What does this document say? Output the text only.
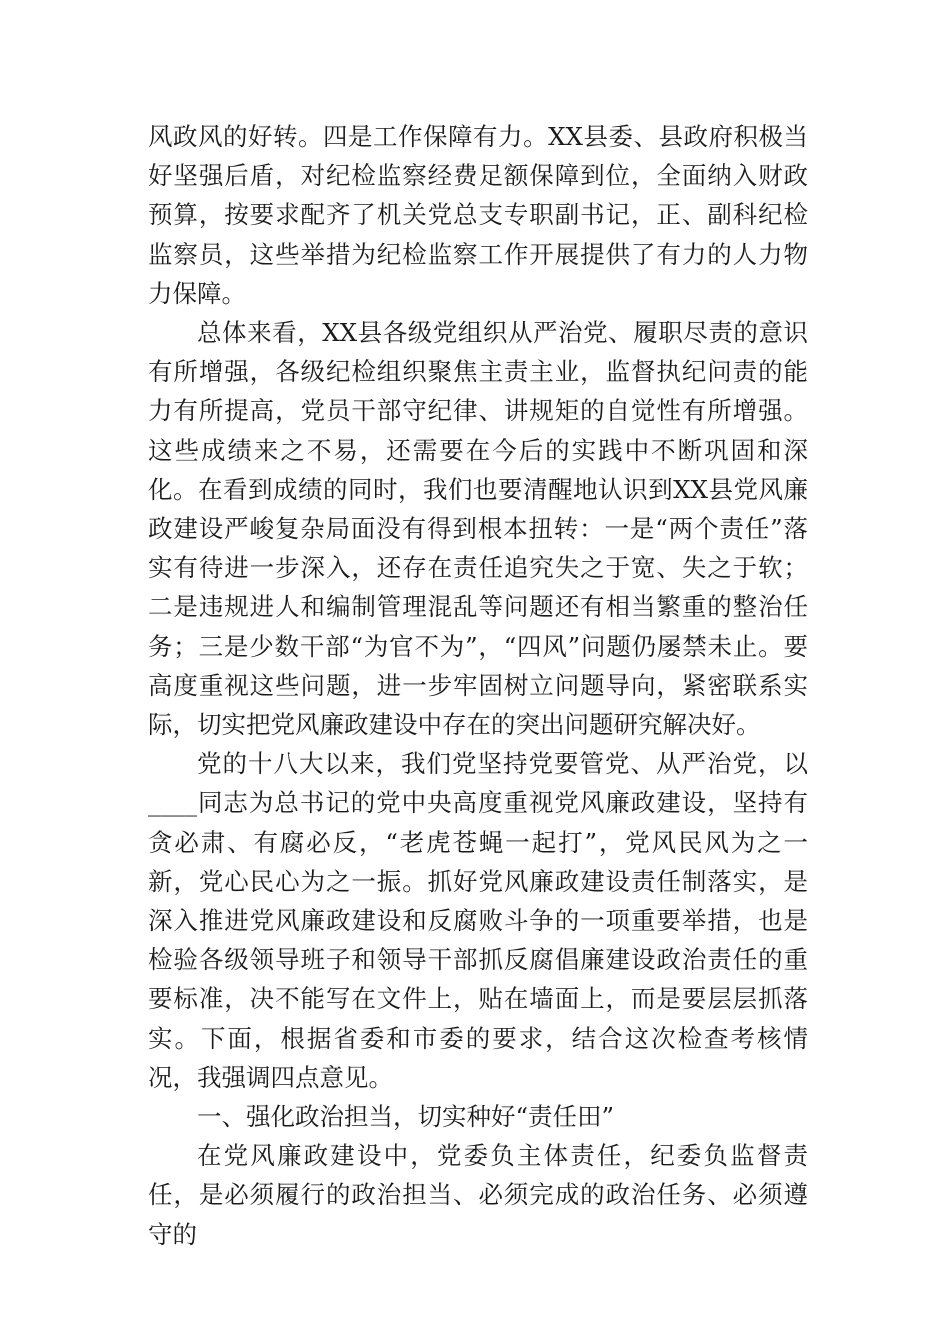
风政风的好转。四是工作保障有力。XX县委、县政府积极当好坚强后盾，对纪检监察经费足额保障到位，全面纳入财政预算，按要求配齐了机关党总支专职副书记，正、副科纪检监察员，这些举措为纪检监察工作开展提供了有力的人力物力保障。

总体来看，XX县各级党组织从严治党、履职尽责的意识有所增强，各级纪检组织聚焦主责主业，监督执纪问责的能力有所提高，党员干部守纪律、讲规矩的自觉性有所增强。这些成绩来之不易，还需要在今后的实践中不断巩固和深化。在看到成绩的同时，我们也要清醒地认识到XX县党风廉政建设严峻复杂局面没有得到根本扭转：一是“两个责任”落实有待进一步深入，还存在责任追究失之于宽、失之于软；二是违规进人和编制管理混乱等问题还有相当繁重的整治任务；三是少数干部“为官不为”，“四风”问题仍屡禁未止。要高度重视这些问题，进一步牢固树立问题导向，紧密联系实际，切实把党风廉政建设中存在的突出问题研究解决好。

党的十八大以来，我们党坚持党要管党、从严治党，以____同志为总书记的党中央高度重视党风廉政建设，坚持有贪必肃、有腐必反，“老虎苍蝇一起打”，党风民风为之一新，党心民心为之一振。抓好党风廉政建设责任制落实，是深入推进党风廉政建设和反腐败斗争的一项重要举措，也是检验各级领导班子和领导干部抓反腐倡廉建设政治责任的重要标准，决不能写在文件上，贴在墙面上，而是要层层抓落实。下面，根据省委和市委的要求，结合这次检查考核情况，我强调四点意见。

一、强化政治担当，切实种好“责任田”

在党风廉政建设中，党委负主体责任，纪委负监督责任，是必须履行的政治担当、必须完成的政治任务、必须遵守的
